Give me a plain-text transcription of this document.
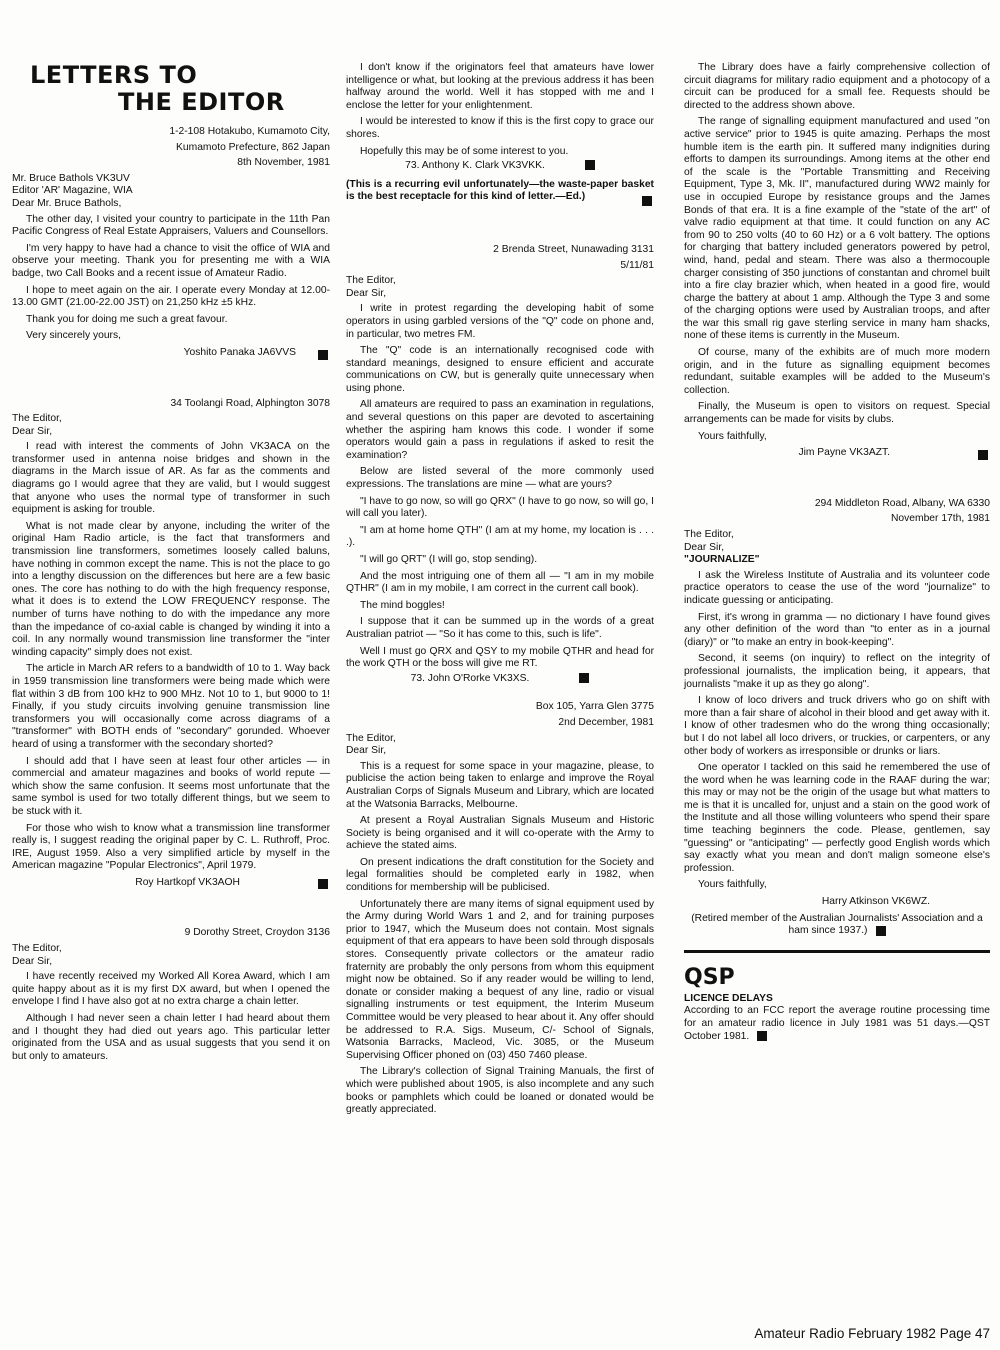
LETTERS TO
THE EDITOR
1-2-108 Hotakubo, Kumamoto City,
Kumamoto Prefecture, 862 Japan
8th November, 1981
Mr. Bruce Bathols VK3UV
Editor 'AR' Magazine, WIA
Dear Mr. Bruce Bathols,

The other day, I visited your country to participate in the 11th Pan Pacific Congress of Real Estate Appraisers, Valuers and Counsellors.

I'm very happy to have had a chance to visit the office of WIA and observe your meeting. Thank you for presenting me with a WIA badge, two Call Books and a recent issue of Amateur Radio.

I hope to meet again on the air. I operate every Monday at 12.00-13.00 GMT (21.00-22.00 JST) on 21,250 kHz ±5 kHz.

Thank you for doing me such a great favour.

Very sincerely yours,

Yoshito Panaka JA6VVS
34 Toolangi Road, Alphington 3078
The Editor,
Dear Sir,

I read with interest the comments of John VK3ACA on the transformer used in antenna noise bridges and shown in the diagrams in the March issue of AR. As far as the comments and diagrams go I would agree that they are valid, but I would suggest that anyone who uses the normal type of transformer in such equipment is asking for trouble.

What is not made clear by anyone, including the writer of the original Ham Radio article, is the fact that transformers and transmission line transformers, sometimes loosely called baluns, have nothing in common except the name. This is not the place to go into a lengthy discussion on the differences but here are a few basic ones. The core has nothing to do with the high frequency response, what it does is to extend the LOW FREQUENCY response. The number of turns have nothing to do with the impedance any more than the impedance of co-axial cable is changed by winding it into a coil. In any normally wound transmission line transformer the "inter winding capacity" simply does not exist.

The article in March AR refers to a bandwidth of 10 to 1. Way back in 1959 transmission line transformers were being made which were flat within 3 dB from 100 kHz to 900 MHz. Not 10 to 1, but 9000 to 1! Finally, if you study circuits involving genuine transmission line transformers you will occasionally come across diagrams of a "transformer" with BOTH ends of "secondary" gorunded. Whoever heard of using a transformer with the secondary shorted?

I should add that I have seen at least four other articles — in commercial and amateur magazines and books of world repute — which show the same confusion. It seems most unfortunate that the same symbol is used for two totally different things, but we seem to be stuck with it.

For those who wish to know what a transmission line transformer really is, I suggest reading the original paper by C. L. Ruthroff, Proc. IRE, August 1959. Also a very simplified article by myself in the American magazine "Popular Electronics", April 1979.

Roy Hartkopf VK3AOH
9 Dorothy Street, Croydon 3136
The Editor,
Dear Sir,

I have recently received my Worked All Korea Award, which I am quite happy about as it is my first DX award, but when I opened the envelope I find I have also got at no extra charge a chain letter.

Although I had never seen a chain letter I had heard about them and I thought they had died out years ago. This particular letter originated from the USA and as usual suggests that you send it on but only to amateurs.

I don't know if the originators feel that amateurs have lower intelligence or what, but looking at the previous address it has been halfway around the world. Well it has stopped with me and I enclose the letter for your enlightenment.

I would be interested to know if this is the first copy to grace our shores.

Hopefully this may be of some interest to you.

73. Anthony K. Clark VK3VKK.

(This is a recurring evil unfortunately—the waste-paper basket is the best receptacle for this kind of letter.—Ed.)

2 Brenda Street, Nunawading 3131
5/11/81
The Editor,
Dear Sir,

I write in protest regarding the developing habit of some operators in using garbled versions of the "Q" code on phone and, in particular, two metres FM.

The "Q" code is an internationally recognised code with standard meanings, designed to ensure efficient and accurate communications on CW, but is generally quite unnecessary when using phone.

All amateurs are required to pass an examination in regulations, and several questions on this paper are devoted to ascertaining whether the aspiring ham knows this code. I wonder if some operators would gain a pass in regulations if asked to resit the examination?

Below are listed several of the more commonly used expressions. The translations are mine — what are yours?

"I have to go now, so will go QRX" (I have to go now, so will go, I will call you later).

"I am at home home QTH" (I am at my home, my location is . . . .).

"I will go QRT" (I will go, stop sending).

And the most intriguing one of them all — "I am in my mobile QTHR" (I am in my mobile, I am correct in the current call book).

The mind boggles!

I suppose that it can be summed up in the words of a great Australian patriot — "So it has come to this, such is life".

Well I must go QRX and QSY to my mobile QTHR and head for the work QTH or the boss will give me RT.

73. John O'Rorke VK3XS.
Box 105, Yarra Glen 3775
2nd December, 1981
The Editor,
Dear Sir,

This is a request for some space in your magazine, please, to publicise the action being taken to enlarge and improve the Royal Australian Corps of Signals Museum and Library, which are located at the Watsonia Barracks, Melbourne.

At present a Royal Australian Signals Museum and Historic Society is being organised and it will co-operate with the Army to achieve the stated aims.

On present indications the draft constitution for the Society and legal formalities should be completed early in 1982, when conditions for membership will be publicised.

Unfortunately there are many items of signal equipment used by the Army during World Wars 1 and 2, and for training purposes prior to 1947, which the Museum does not contain. Most signals equipment of that era appears to have been sold through disposals stores. Consequently private collectors or the amateur radio fraternity are probably the only persons from whom this equipment might now be obtained. So if any reader would be willing to lend, donate or consider making a bequest of any line, radio or visual signalling instruments or test equipment, the Interim Museum Committee would be very pleased to hear about it. Any offer should be addressed to R.A. Sigs. Museum, C/- School of Signals, Watsonia Barracks, Macleod, Vic. 3085, or the Museum Supervising Officer phoned on (03) 450 7460 please.

The Library's collection of Signal Training Manuals, the first of which were published about 1905, is also incomplete and any such books or pamphlets which could be loaned or donated would be greatly appreciated.

The Library does have a fairly comprehensive collection of circuit diagrams for military radio equipment and a photocopy of a circuit can be produced for a small fee. Requests should be directed to the address shown above.

The range of signalling equipment manufactured and used "on active service" prior to 1945 is quite amazing. Perhaps the most humble item is the earth pin. It suffered many indignities during efforts to dampen its surroundings. Among items at the other end of the scale is the "Portable Transmitting and Receiving Equipment, Type 3, Mk. II", manufactured during WW2 mainly for use in occupied Europe by resistance groups and the James Bonds of that era. It is a fine example of the "state of the art" of valve radio equipment at that time. It could function on any AC from 90 to 250 volts (40 to 60 Hz) or a 6 volt battery. The options for charging that battery included generators powered by petrol, wind, hand, pedal and steam. There was also a thermocouple charger consisting of 350 junctions of constantan and chromel built into a fire clay brazier which, when heated in a good fire, would charge the battery at about 1 amp. Although the Type 3 and some of the charging options were used by Australian troops, and after the war this small rig gave sterling service in many ham shacks, none of these items is currently in the Museum.

Of course, many of the exhibits are of much more modern origin, and in the future as signalling equipment becomes redundant, suitable examples will be added to the Museum's collection.

Finally, the Museum is open to visitors on request. Special arrangements can be made for visits by clubs.

Yours faithfully,

Jim Payne VK3AZT.
294 Middleton Road, Albany, WA 6330
November 17th, 1981
The Editor,
Dear Sir,
"JOURNALIZE"

I ask the Wireless Institute of Australia and its volunteer code practice operators to cease the use of the word "journalize" to indicate guessing or anticipating.

First, it's wrong in gramma — no dictionary I have found gives any other definition of the word than "to enter as in a journal (diary)" or "to make an entry in book-keeping".

Second, it seems (on inquiry) to reflect on the integrity of professional journalists, the implication being, it appears, that journalists "make it up as they go along".

I know of loco drivers and truck drivers who go on shift with more than a fair share of alcohol in their blood and get away with it. I know of other tradesmen who do the wrong thing occasionally; but I do not label all loco drivers, or truckies, or carpenters, or any other body of workers as irresponsible or drunks or liars.

One operator I tackled on this said he remembered the use of the word when he was learning code in the RAAF during the war; this may or may not be the origin of the usage but what matters to me is that it is uncalled for, unjust and a stain on the good work of the Institute and all those willing volunteers who spend their spare time teaching beginners the code. Please, gentlemen, say "guessing" or "anticipating" — perfectly good English words which say exactly what you mean and don't malign someone else's profession.

Yours faithfully,

Harry Atkinson VK6WZ.

(Retired member of the Australian Journalists' Association and a ham since 1937.)

QSP
LICENCE DELAYS

According to an FCC report the average routine processing time for an amateur radio licence in July 1981 was 51 days.—QST October 1981.

Amateur Radio February 1982 Page 47
